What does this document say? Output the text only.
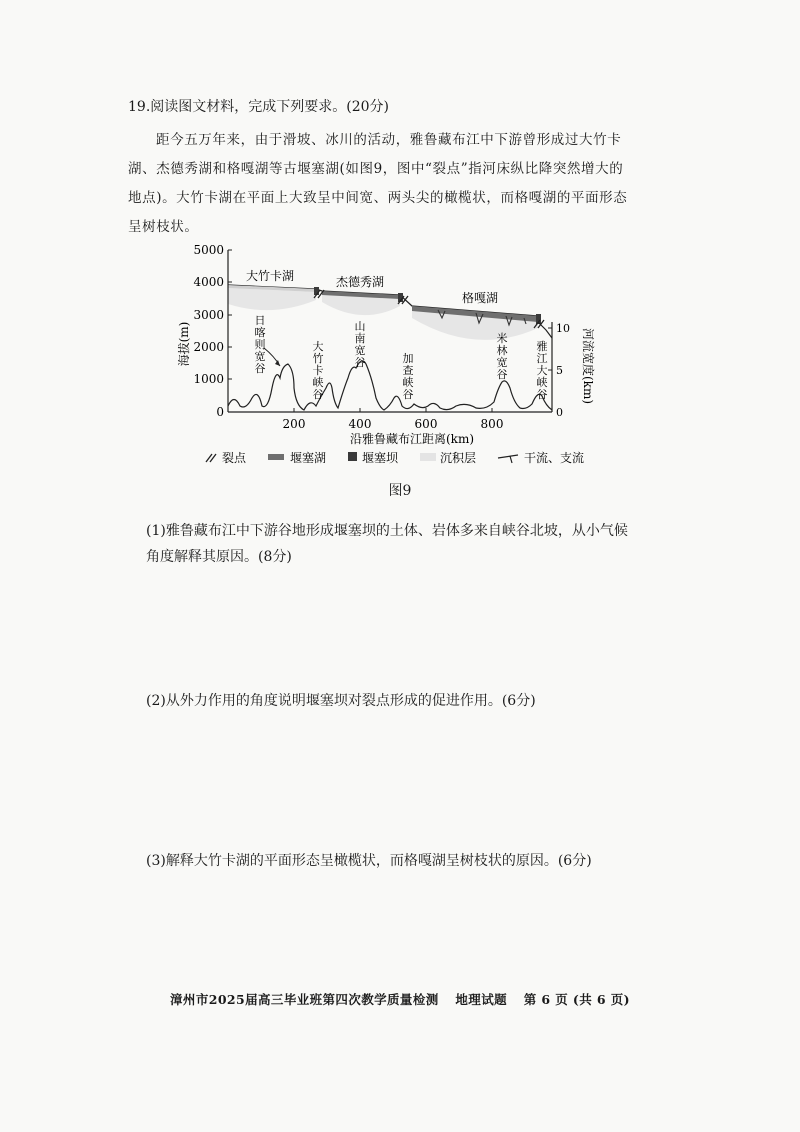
19.阅读图文材料，完成下列要求。(20分)

距今五万年来，由于滑坡、冰川的活动，雅鲁藏布江中下游曾形成过大竹卡湖、杰德秀湖和格嘎湖等古堰塞湖(如图9，图中“裂点”指河床纵比降突然增大的地点)。大竹卡湖在平面上大致呈中间宽、两头尖的橄榄状，而格嘎湖的平面形态呈树枝状。

5000
4000
3000
2000
1000
0
海拔(m)
200	400	600	800
沿雅鲁藏布江距离(km)
10
5
0
河流宽度(km)
大竹卡湖	杰德秀湖
格嘎湖
日
喀
则
宽
谷
大
竹
卡
峡
谷
山
南
宽
谷	加
查
峡
谷
米
林
宽
谷
雅
江
大
峡
谷
裂点	堰塞湖	堰塞坝	沉积层	干流、支流
图9

(1)雅鲁藏布江中下游谷地形成堰塞坝的土体、岩体多来自峡谷北坡，从小气候角度解释其原因。(8分)

(2)从外力作用的角度说明堰塞坝对裂点形成的促进作用。(6分)

(3)解释大竹卡湖的平面形态呈橄榄状，而格嘎湖呈树枝状的原因。(6分)

漳州市2025届高三毕业班第四次教学质量检测 地理试题 第 6 页 (共 6 页)
